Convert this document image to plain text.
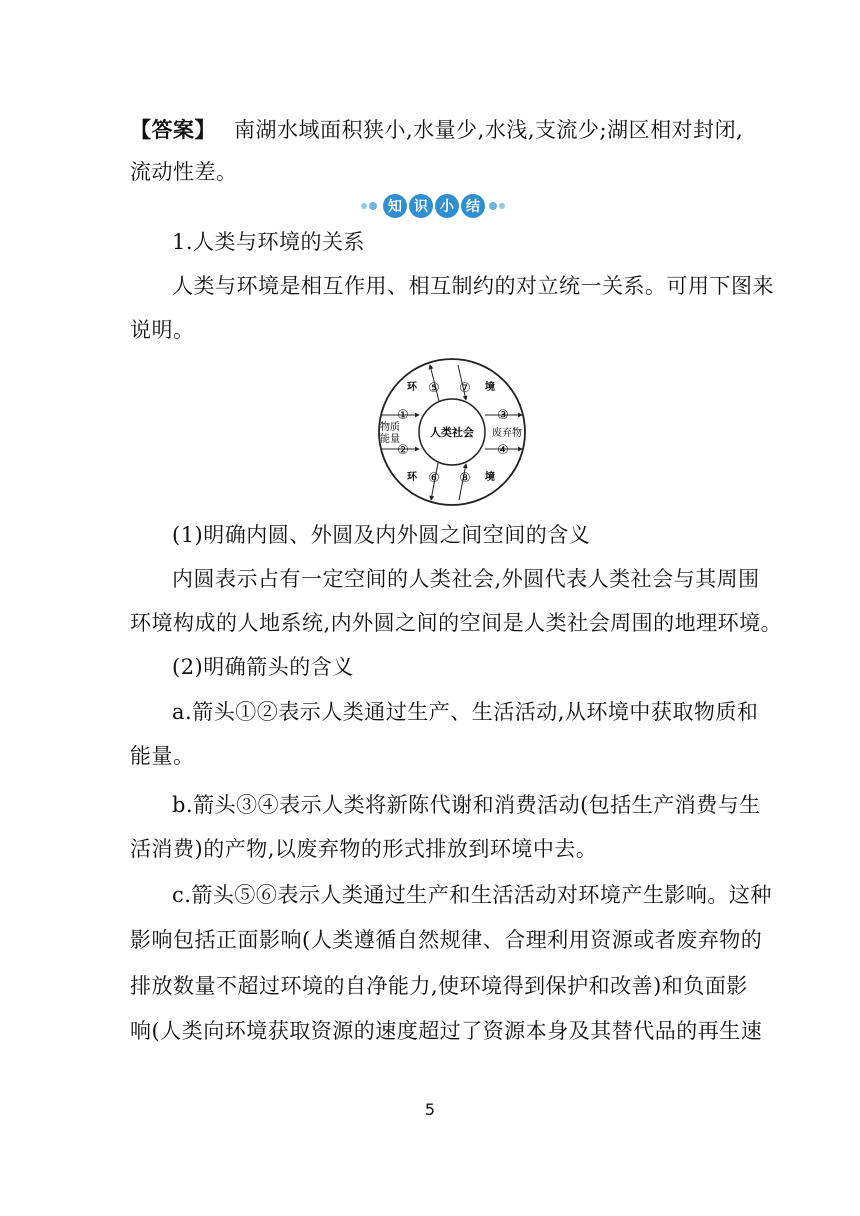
【答案】 南湖水域面积狭小,水量少,水浅,支流少;湖区相对封闭,
流动性差。
知 识 小 结
1.人类与环境的关系
人类与环境是相互作用、相互制约的对立统一关系。可用下图来
说明。
人类社会
①
②
物质
能量
③
④
废弃物
⑤ ⑦
环	境
⑥ ⑧
环	境
(1)明确内圆、外圆及内外圆之间空间的含义
内圆表示占有一定空间的人类社会,外圆代表人类社会与其周围
环境构成的人地系统,内外圆之间的空间是人类社会周围的地理环境。
(2)明确箭头的含义
a.箭头①②表示人类通过生产、生活活动,从环境中获取物质和
能量。
b.箭头③④表示人类将新陈代谢和消费活动(包括生产消费与生
活消费)的产物,以废弃物的形式排放到环境中去。
c.箭头⑤⑥表示人类通过生产和生活活动对环境产生影响。这种
影响包括正面影响(人类遵循自然规律、合理利用资源或者废弃物的
排放数量不超过环境的自净能力,使环境得到保护和改善)和负面影
响(人类向环境获取资源的速度超过了资源本身及其替代品的再生速
5
